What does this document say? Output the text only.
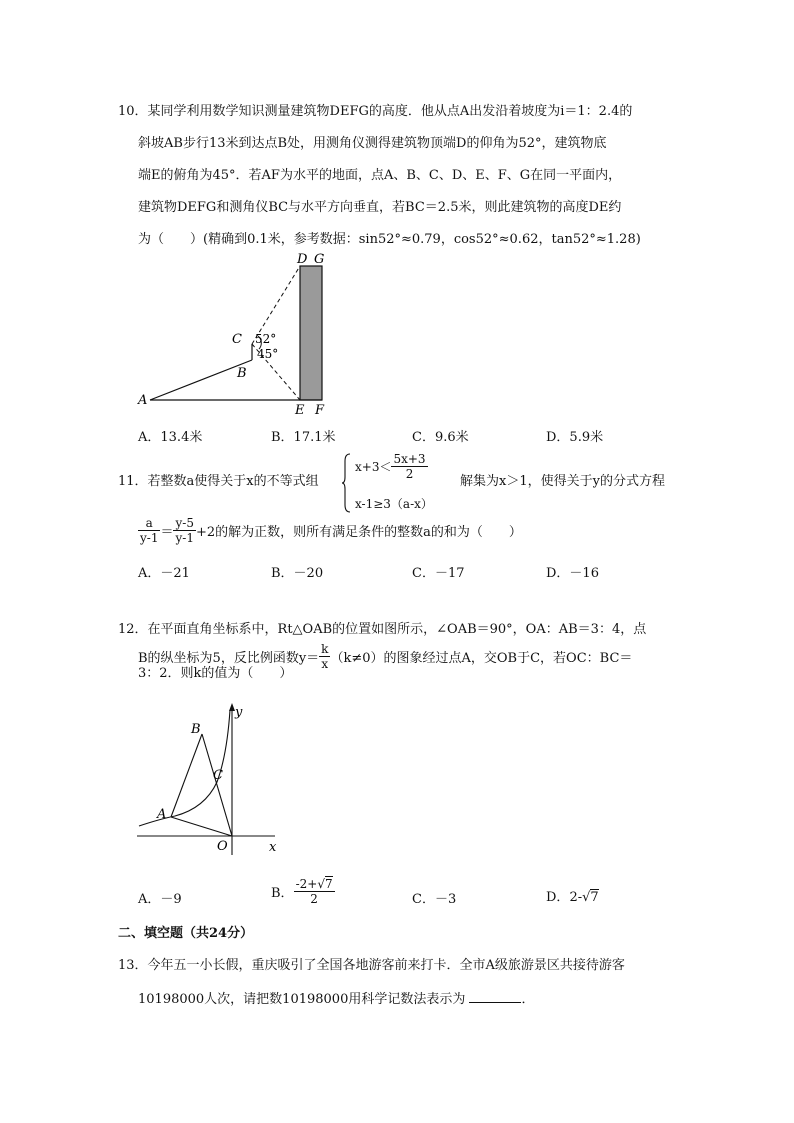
10．某同学利用数学知识测量建筑物DEFG的高度．他从点A出发沿着坡度为i＝1：2.4的
斜坡AB步行13米到达点B处，用测角仪测得建筑物顶端D的仰角为52°，建筑物底
端E的俯角为45°．若AF为水平的地面，点A、B、C、D、E、F、G在同一平面内，
建筑物DEFG和测角仪BC与水平方向垂直，若BC＝2.5米，则此建筑物的高度DE约
为（　　）(精确到0.1米，参考数据：sin52°≈0.79，cos52°≈0.62，tan52°≈1.28)
52°
45°
A
B
C
D G
E F
A．13.4米	B．17.1米	C．9.6米	D．5.9米
11．若整数a使得关于x的不等式组
$x+3< \frac{5x+3}{2}$
x-1≥3（a-x）
解集为x＞1，使得关于y的分式方程
$\frac{a}{y-1} = \frac{y-5}{y-1} +2$的解为正数，则所有满足条件的整数a的和为（　　）
A．－21	B．－20	C．－17	D．－16
12．在平面直角坐标系中，Rt△OAB的位置如图所示，∠OAB＝90°，OA：AB＝3：4，点
B的纵坐标为5，反比例函数$y= \frac{k}{x} (k\ne 0)$的图象经过点A，交OB于C，若OC：BC＝
3：2．则k的值为（　　）
B
A
C
O	x
y
A．－9	B． $\frac{-2+√7}{2}$	C．－3	D．2-√7
二、填空题（共24分）
13．今年五一小长假，重庆吸引了全国各地游客前来打卡．全市A级旅游景区共接待游客
10198000人次，请把数10198000用科学记数法表示为	．
